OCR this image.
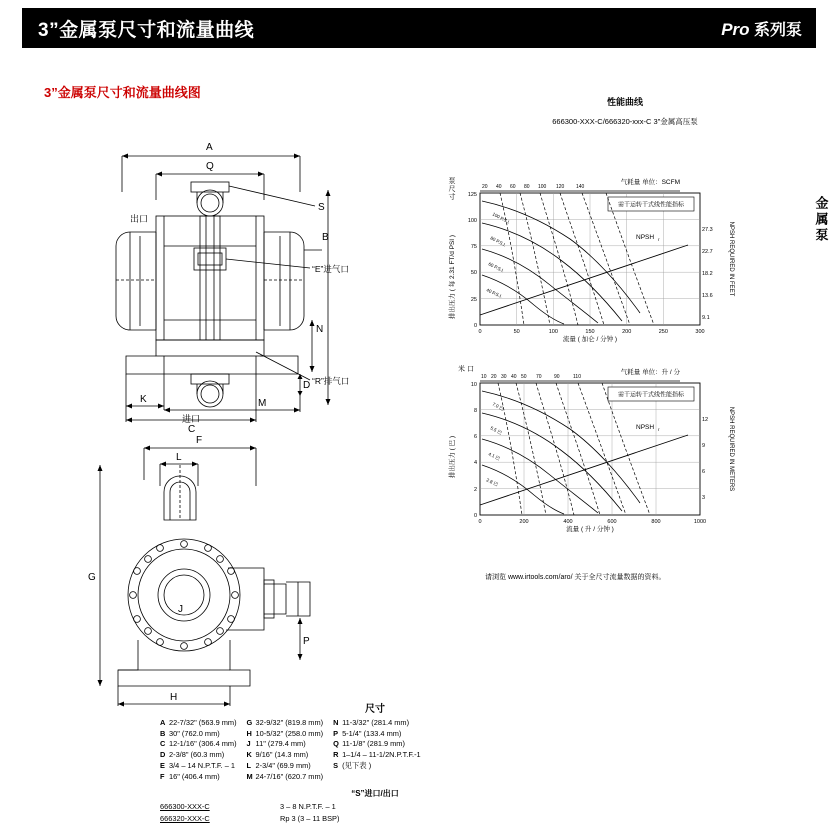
3”金属泵尺寸和流量曲线	Pro 系列泵
3”金属泵尺寸和流量曲线图
金属泵
A
Q
出口
进口
S
B
“E”进气口
“R”排气口
N
D
K
C
M
F
L
J
G
H
P
性能曲线
666300-XXX-C/666320-xxx-C 3”金属高压泵
泵
尺
寸
排出压力 ( 每 2.31 FT/d PSI )
20 40 60 80 100 120 140
气耗量 单位：SCFM
125
100
75
50
25
0
0	50	100	150	200	250	300
流量 ( 加仑 / 分钟 )
27.3
22.7
18.2
13.6
9.1
NPSH REQUIRED IN FEET
需干运转干式线性能指标
NPSH r
100 P.S.I.
80 P.S.I.
60 P.S.I.
40 P.S.I.
米 口
排出压力 ( 巴 )
10 20 30 40 50 70 90	110
气耗量 单位：升 / 分
10
8
6
4
2
0
0	200	400	600	800	1000
流量 ( 升 / 分钟 )
12
9
6
3
NPSH REQUIRED IN METERS
需干运转干式线性能指标
NPSH r
7.0 巴
5.5 巴
4.1 巴
2.8 巴
请浏览 www.irtools.com/aro/ 关于全尺寸流量数据的资料。
尺寸
A 22-7/32" (563.9 mm)
B 30" (762.0 mm)
C 12-1/16" (306.4 mm)
D 2-3/8" (60.3 mm)
E 3/4 – 14 N.P.T.F. – 1
F 16" (406.4 mm)
G 32-9/32" (819.8 mm)
H 10-5/32" (258.0 mm)
J 11" (279.4 mm)
K 9/16" (14.3 mm)
L 2-3/4" (69.9 mm)
M 24-7/16" (620.7 mm)
N 11-3/32" (281.4 mm)
P 5-1/4" (133.4 mm)
Q 11-1/8" (281.9 mm)
R 1–1/4 – 11-1/2N.P.T.F.-1
S (见下表 )
“S”进口/出口
666300-XXX-C	3 – 8 N.P.T.F. – 1
666320-XXX-C	Rp 3 (3 – 11 BSP)
